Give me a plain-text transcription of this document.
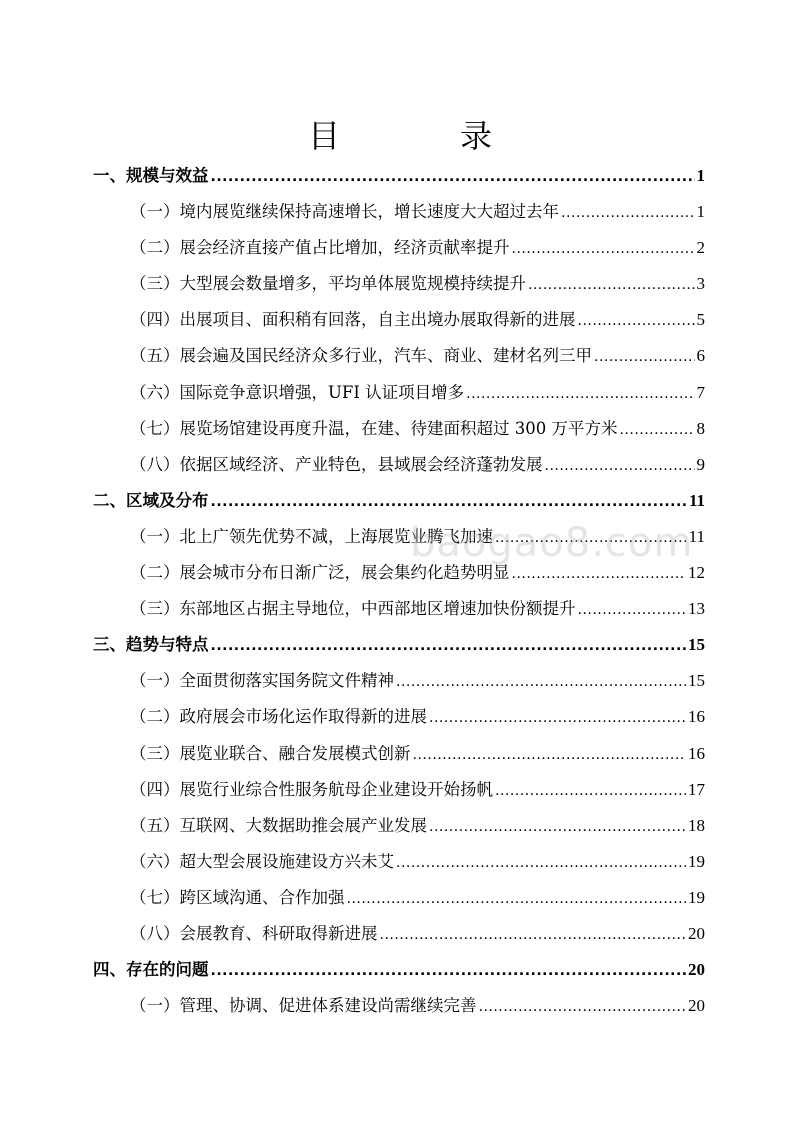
目　录
一、规模与效益 .....	1
（一）境内展览继续保持高速增长，增长速度大大超过去年 .....	1
（二）展会经济直接产值占比增加，经济贡献率提升 .....	2
（三）大型展会数量增多，平均单体展览规模持续提升 .....	3
（四）出展项目、面积稍有回落，自主出境办展取得新的进展 .....	5
（五）展会遍及国民经济众多行业，汽车、商业、建材名列三甲 .....	6
（六）国际竞争意识增强，UFI 认证项目增多 .....	7
（七）展览场馆建设再度升温，在建、待建面积超过 300 万平方米 .....	8
（八）依据区域经济、产业特色，县域展会经济蓬勃发展 .....	9
二、区域及分布 .....	11
（一）北上广领先优势不减，上海展览业腾飞加速 .....	11
（二）展会城市分布日渐广泛，展会集约化趋势明显 .....	12
（三）东部地区占据主导地位，中西部地区增速加快份额提升 .....	13
三、趋势与特点 .....	15
（一）全面贯彻落实国务院文件精神 .....	15
（二）政府展会市场化运作取得新的进展 .....	16
（三）展览业联合、融合发展模式创新 .....	16
（四）展览行业综合性服务航母企业建设开始扬帆 .....	17
（五）互联网、大数据助推会展产业发展 .....	18
（六）超大型会展设施建设方兴未艾 .....	19
（七）跨区域沟通、合作加强 .....	19
（八）会展教育、科研取得新进展 .....	20
四、存在的问题 .....	20
（一）管理、协调、促进体系建设尚需继续完善 .....	20
baogao8.com
